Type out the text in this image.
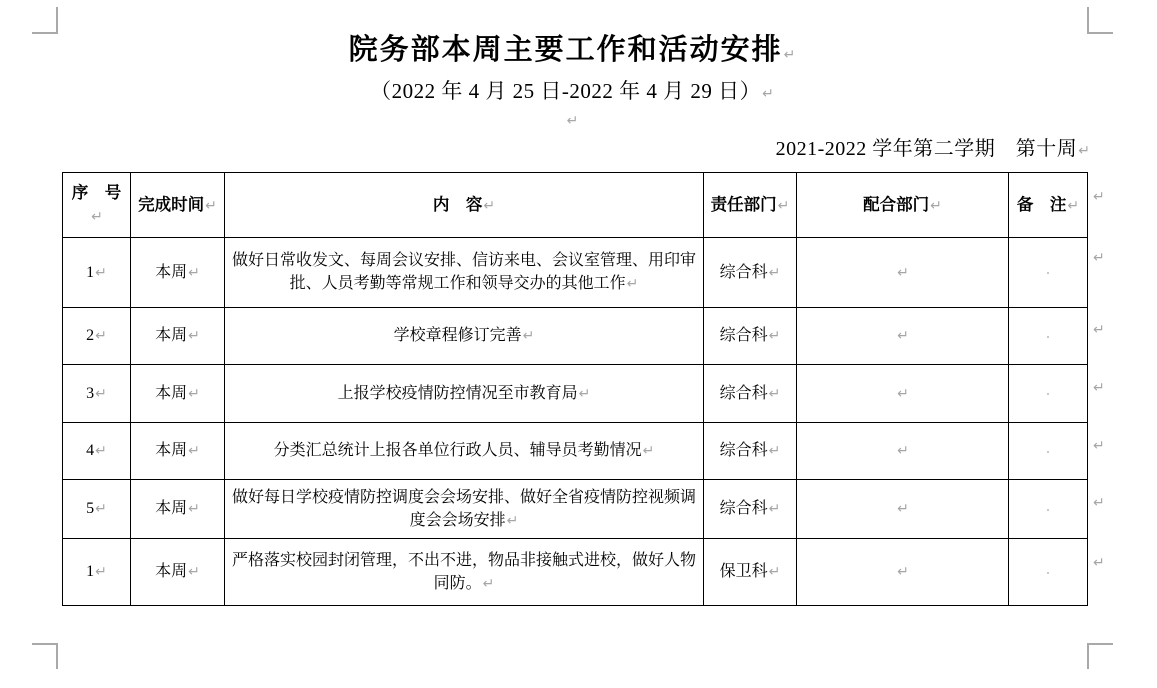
院务部本周主要工作和活动安排↵
（2022 年 4 月 25 日-2022 年 4 月 29 日）↵
↵
2021-2022 学年第二学期　第十周↵
序　号↵	完成时间↵	内　容↵	责任部门↵	配合部门↵	备　注↵
1↵	本周↵	做好日常收发文、每周会议安排、信访来电、会议室管理、用印审批、人员考勤等常规工作和领导交办的其他工作↵	综合科↵	↵	
2↵	本周↵	学校章程修订完善↵	综合科↵	↵	
3↵	本周↵	上报学校疫情防控情况至市教育局↵	综合科↵	↵	
4↵	本周↵	分类汇总统计上报各单位行政人员、辅导员考勤情况↵	综合科↵	↵	
5↵	本周↵	做好每日学校疫情防控调度会会场安排、做好全省疫情防控视频调度会会场安排↵	综合科↵	↵	
1↵	本周↵	严格落实校园封闭管理，不出不进，物品非接触式进校，做好人物同防。↵	保卫科↵	↵	
↵
↵
↵
↵
↵
↵
↵
